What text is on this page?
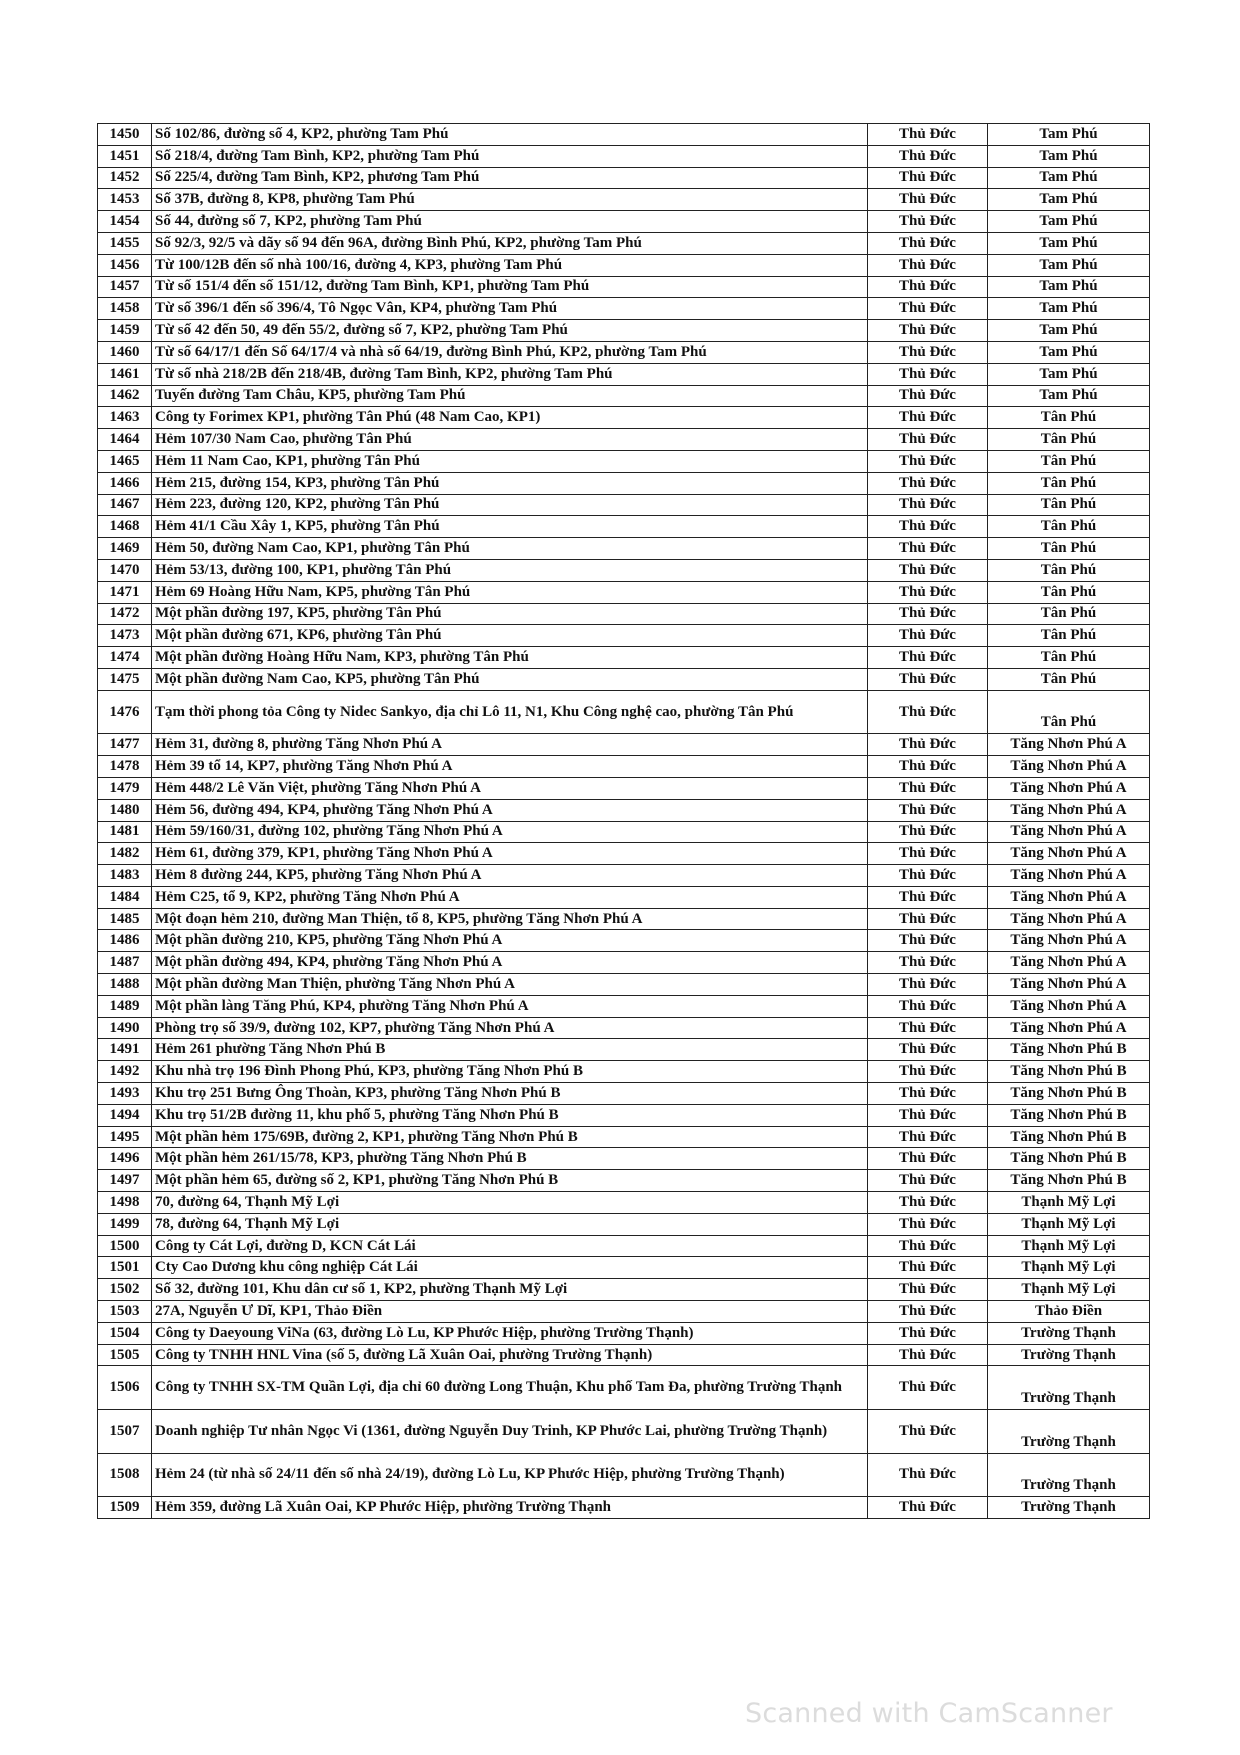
1450	Số 102/86, đường số 4, KP2, phường Tam Phú	Thủ Đức	Tam Phú
1451	Số 218/4, đường Tam Bình, KP2, phường Tam Phú	Thủ Đức	Tam Phú
1452	Số 225/4, đường Tam Bình, KP2, phương Tam Phú	Thủ Đức	Tam Phú
1453	Số 37B, đường 8, KP8, phường Tam Phú	Thủ Đức	Tam Phú
1454	Số 44, đường số 7, KP2, phường Tam Phú	Thủ Đức	Tam Phú
1455	Số 92/3, 92/5 và dãy số 94 đến 96A, đường Bình Phú, KP2, phường Tam Phú	Thủ Đức	Tam Phú
1456	Từ 100/12B đến số nhà 100/16, đường 4, KP3, phường Tam Phú	Thủ Đức	Tam Phú
1457	Từ số 151/4 đến số 151/12, đường Tam Bình, KP1, phường Tam Phú	Thủ Đức	Tam Phú
1458	Từ số 396/1 đến số 396/4, Tô Ngọc Vân, KP4, phường Tam Phú	Thủ Đức	Tam Phú
1459	Từ số 42 đến 50, 49 đến 55/2, đường số 7, KP2, phường Tam Phú	Thủ Đức	Tam Phú
1460	Từ số 64/17/1 đến Số 64/17/4 và nhà số 64/19, đường Bình Phú, KP2, phường Tam Phú	Thủ Đức	Tam Phú
1461	Từ số nhà 218/2B đến 218/4B, đường Tam Bình, KP2, phường Tam Phú	Thủ Đức	Tam Phú
1462	Tuyến đường Tam Châu, KP5, phường Tam Phú	Thủ Đức	Tam Phú
1463	Công ty Forimex KP1, phường Tân Phú (48 Nam Cao, KP1)	Thủ Đức	Tân Phú
1464	Hẻm 107/30 Nam Cao, phường Tân Phú	Thủ Đức	Tân Phú
1465	Hẻm 11 Nam Cao, KP1, phường Tân Phú	Thủ Đức	Tân Phú
1466	Hẻm 215, đường 154, KP3, phường Tân Phú	Thủ Đức	Tân Phú
1467	Hẻm 223, đường 120, KP2, phường Tân Phú	Thủ Đức	Tân Phú
1468	Hẻm 41/1 Cầu Xây 1, KP5, phường Tân Phú	Thủ Đức	Tân Phú
1469	Hẻm 50, đường Nam Cao, KP1, phường Tân Phú	Thủ Đức	Tân Phú
1470	Hẻm 53/13, đường 100, KP1, phường Tân Phú	Thủ Đức	Tân Phú
1471	Hẻm 69 Hoàng Hữu Nam, KP5, phường Tân Phú	Thủ Đức	Tân Phú
1472	Một phần đường 197, KP5, phường Tân Phú	Thủ Đức	Tân Phú
1473	Một phần đường 671, KP6, phường Tân Phú	Thủ Đức	Tân Phú
1474	Một phần đường Hoàng Hữu Nam, KP3, phường Tân Phú	Thủ Đức	Tân Phú
1475	Một phần đường Nam Cao, KP5, phường Tân Phú	Thủ Đức	Tân Phú
1476	Tạm thời phong tỏa Công ty Nidec Sankyo, địa chỉ Lô 11, N1, Khu Công nghệ cao, phường Tân Phú	Thủ Đức	Tân Phú
1477	Hẻm 31, đường 8, phường Tăng Nhơn Phú A	Thủ Đức	Tăng Nhơn Phú A
1478	Hẻm 39 tổ 14, KP7, phường Tăng Nhơn Phú A	Thủ Đức	Tăng Nhơn Phú A
1479	Hẻm 448/2 Lê Văn Việt, phường Tăng Nhơn Phú A	Thủ Đức	Tăng Nhơn Phú A
1480	Hẻm 56, đường 494, KP4, phường Tăng Nhơn Phú A	Thủ Đức	Tăng Nhơn Phú A
1481	Hẻm 59/160/31, đường 102, phường Tăng Nhơn Phú A	Thủ Đức	Tăng Nhơn Phú A
1482	Hẻm 61, đường 379, KP1, phường Tăng Nhơn Phú A	Thủ Đức	Tăng Nhơn Phú A
1483	Hẻm 8 đường 244, KP5, phường Tăng Nhơn Phú A	Thủ Đức	Tăng Nhơn Phú A
1484	Hẻm C25, tổ 9, KP2, phường Tăng Nhơn Phú A	Thủ Đức	Tăng Nhơn Phú A
1485	Một đoạn hẻm 210, đường Man Thiện, tổ 8, KP5, phường Tăng Nhơn Phú A	Thủ Đức	Tăng Nhơn Phú A
1486	Một phần đường 210, KP5, phường Tăng Nhơn Phú A	Thủ Đức	Tăng Nhơn Phú A
1487	Một phần đường 494, KP4, phường Tăng Nhơn Phú A	Thủ Đức	Tăng Nhơn Phú A
1488	Một phần đường Man Thiện, phường Tăng Nhơn Phú A	Thủ Đức	Tăng Nhơn Phú A
1489	Một phần làng Tăng Phú, KP4, phường Tăng Nhơn Phú A	Thủ Đức	Tăng Nhơn Phú A
1490	Phòng trọ số 39/9, đường 102, KP7, phường Tăng Nhơn Phú A	Thủ Đức	Tăng Nhơn Phú A
1491	Hẻm 261 phường Tăng Nhơn Phú B	Thủ Đức	Tăng Nhơn Phú B
1492	Khu nhà trọ 196 Đình Phong Phú, KP3, phường Tăng Nhơn Phú B	Thủ Đức	Tăng Nhơn Phú B
1493	Khu trọ 251 Bưng Ông Thoàn, KP3, phường Tăng Nhơn Phú B	Thủ Đức	Tăng Nhơn Phú B
1494	Khu trọ 51/2B đường 11, khu phố 5, phường Tăng Nhơn Phú B	Thủ Đức	Tăng Nhơn Phú B
1495	Một phần hẻm 175/69B, đường 2, KP1, phường Tăng Nhơn Phú B	Thủ Đức	Tăng Nhơn Phú B
1496	Một phần hẻm 261/15/78, KP3, phường Tăng Nhơn Phú B	Thủ Đức	Tăng Nhơn Phú B
1497	Một phần hẻm 65, đường số 2, KP1, phường Tăng Nhơn Phú B	Thủ Đức	Tăng Nhơn Phú B
1498	70, đường 64, Thạnh Mỹ Lợi	Thủ Đức	Thạnh Mỹ Lợi
1499	78, đường 64, Thạnh Mỹ Lợi	Thủ Đức	Thạnh Mỹ Lợi
1500	Công ty Cát Lợi, đường D, KCN Cát Lái	Thủ Đức	Thạnh Mỹ Lợi
1501	Cty Cao Dương khu công nghiệp Cát Lái	Thủ Đức	Thạnh Mỹ Lợi
1502	Số 32, đường 101, Khu dân cư số 1, KP2, phường Thạnh Mỹ Lợi	Thủ Đức	Thạnh Mỹ Lợi
1503	27A, Nguyễn Ư Dĩ, KP1, Thảo Điền	Thủ Đức	Thảo Điền
1504	Công ty Daeyoung ViNa (63, đường Lò Lu, KP Phước Hiệp, phường Trường Thạnh)	Thủ Đức	Trường Thạnh
1505	Công ty TNHH HNL Vina (số 5, đường Lã Xuân Oai, phường Trường Thạnh)	Thủ Đức	Trường Thạnh
1506	Công ty TNHH SX-TM Quần Lợi, địa chỉ 60 đường Long Thuận, Khu phố Tam Đa, phường Trường Thạnh	Thủ Đức	Trường Thạnh
1507	Doanh nghiệp Tư nhân Ngọc Vi (1361, đường Nguyễn Duy Trinh, KP Phước Lai, phường Trường Thạnh)	Thủ Đức	Trường Thạnh
1508	Hẻm 24 (từ nhà số 24/11 đến số nhà 24/19), đường Lò Lu, KP Phước Hiệp, phường Trường Thạnh)	Thủ Đức	Trường Thạnh
1509	Hẻm 359, đường Lã Xuân Oai, KP Phước Hiệp, phường Trường Thạnh	Thủ Đức	Trường Thạnh
Scanned with CamScanner
